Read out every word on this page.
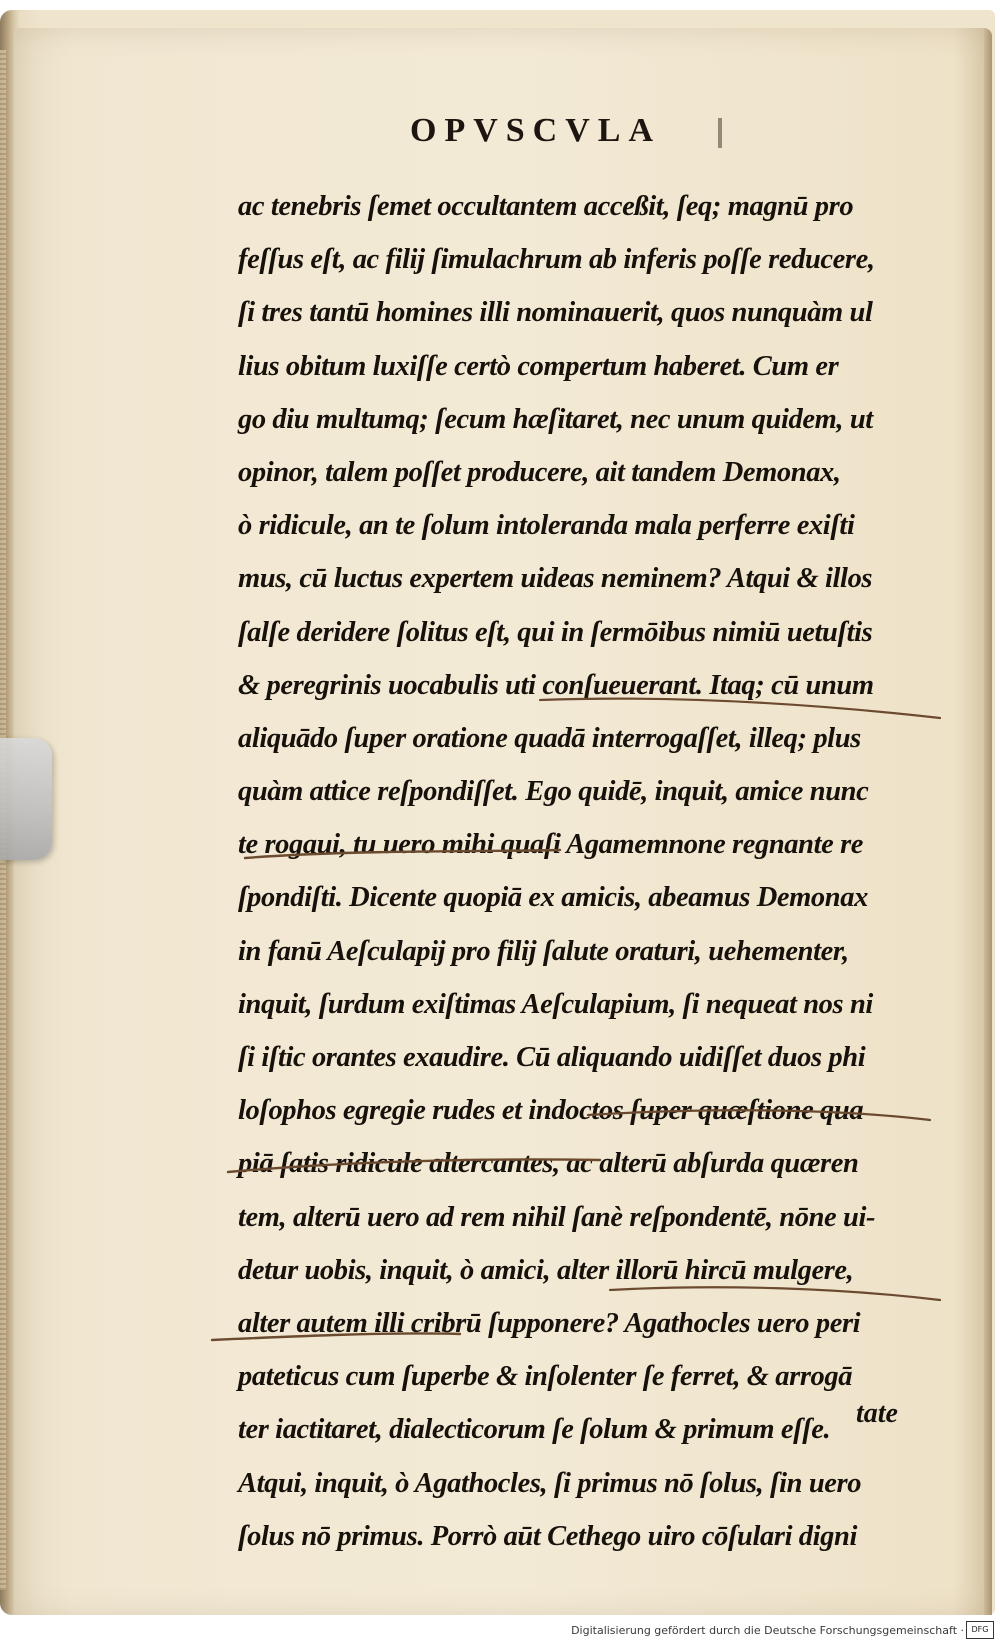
OPVSCVLA
ac tenebris ſemet occultantem acceßit, ſeq; magnū pro
feſſus eſt, ac filij ſimulachrum ab inferis poſſe reducere,
ſi tres tantū homines illi nominauerit, quos nunquàm ul
lius obitum luxiſſe certò compertum haberet. Cum er
go diu multumq; ſecum hæſitaret, nec unum quidem, ut
opinor, talem poſſet producere, ait tandem Demonax,
ò ridicule, an te ſolum intoleranda mala perferre exiſti
mus, cū luctus expertem uideas neminem? Atqui & illos
ſalſe deridere ſolitus eſt, qui in ſermōibus nimiū uetuſtis
& peregrinis uocabulis uti conſueuerant. Itaq; cū unum
aliquādo ſuper oratione quadā interrogaſſet, illeq; plus
quàm attice reſpondiſſet. Ego quidē, inquit, amice nunc
te rogaui, tu uero mihi quaſi Agamemnone regnante re
ſpondiſti. Dicente quopiā ex amicis, abeamus Demonax
in fanū Aeſculapij pro filij ſalute oraturi, uehementer,
inquit, ſurdum exiſtimas Aeſculapium, ſi nequeat nos ni
ſi iſtic orantes exaudire. Cū aliquando uidiſſet duos phi
loſophos egregie rudes et indoctos ſuper quæſtione qua
piā ſatis ridicule altercantes, ac alterū abſurda quæren
tem, alterū uero ad rem nihil ſanè reſpondentē, nōne ui-
detur uobis, inquit, ò amici, alter illorū hircū mulgere,
alter autem illi cribrū ſupponere? Agathocles uero peri
pateticus cum ſuperbe & inſolenter ſe ferret, & arrogā
ter iactitaret, dialecticorum ſe ſolum & primum eſſe.
Atqui, inquit, ò Agathocles, ſi primus nō ſolus, ſin uero
ſolus nō primus. Porrò aūt Cethego uiro cōſulari digni
tate
Digitalisierung gefördert durch die Deutsche Forschungsgemeinschaft · DFG
